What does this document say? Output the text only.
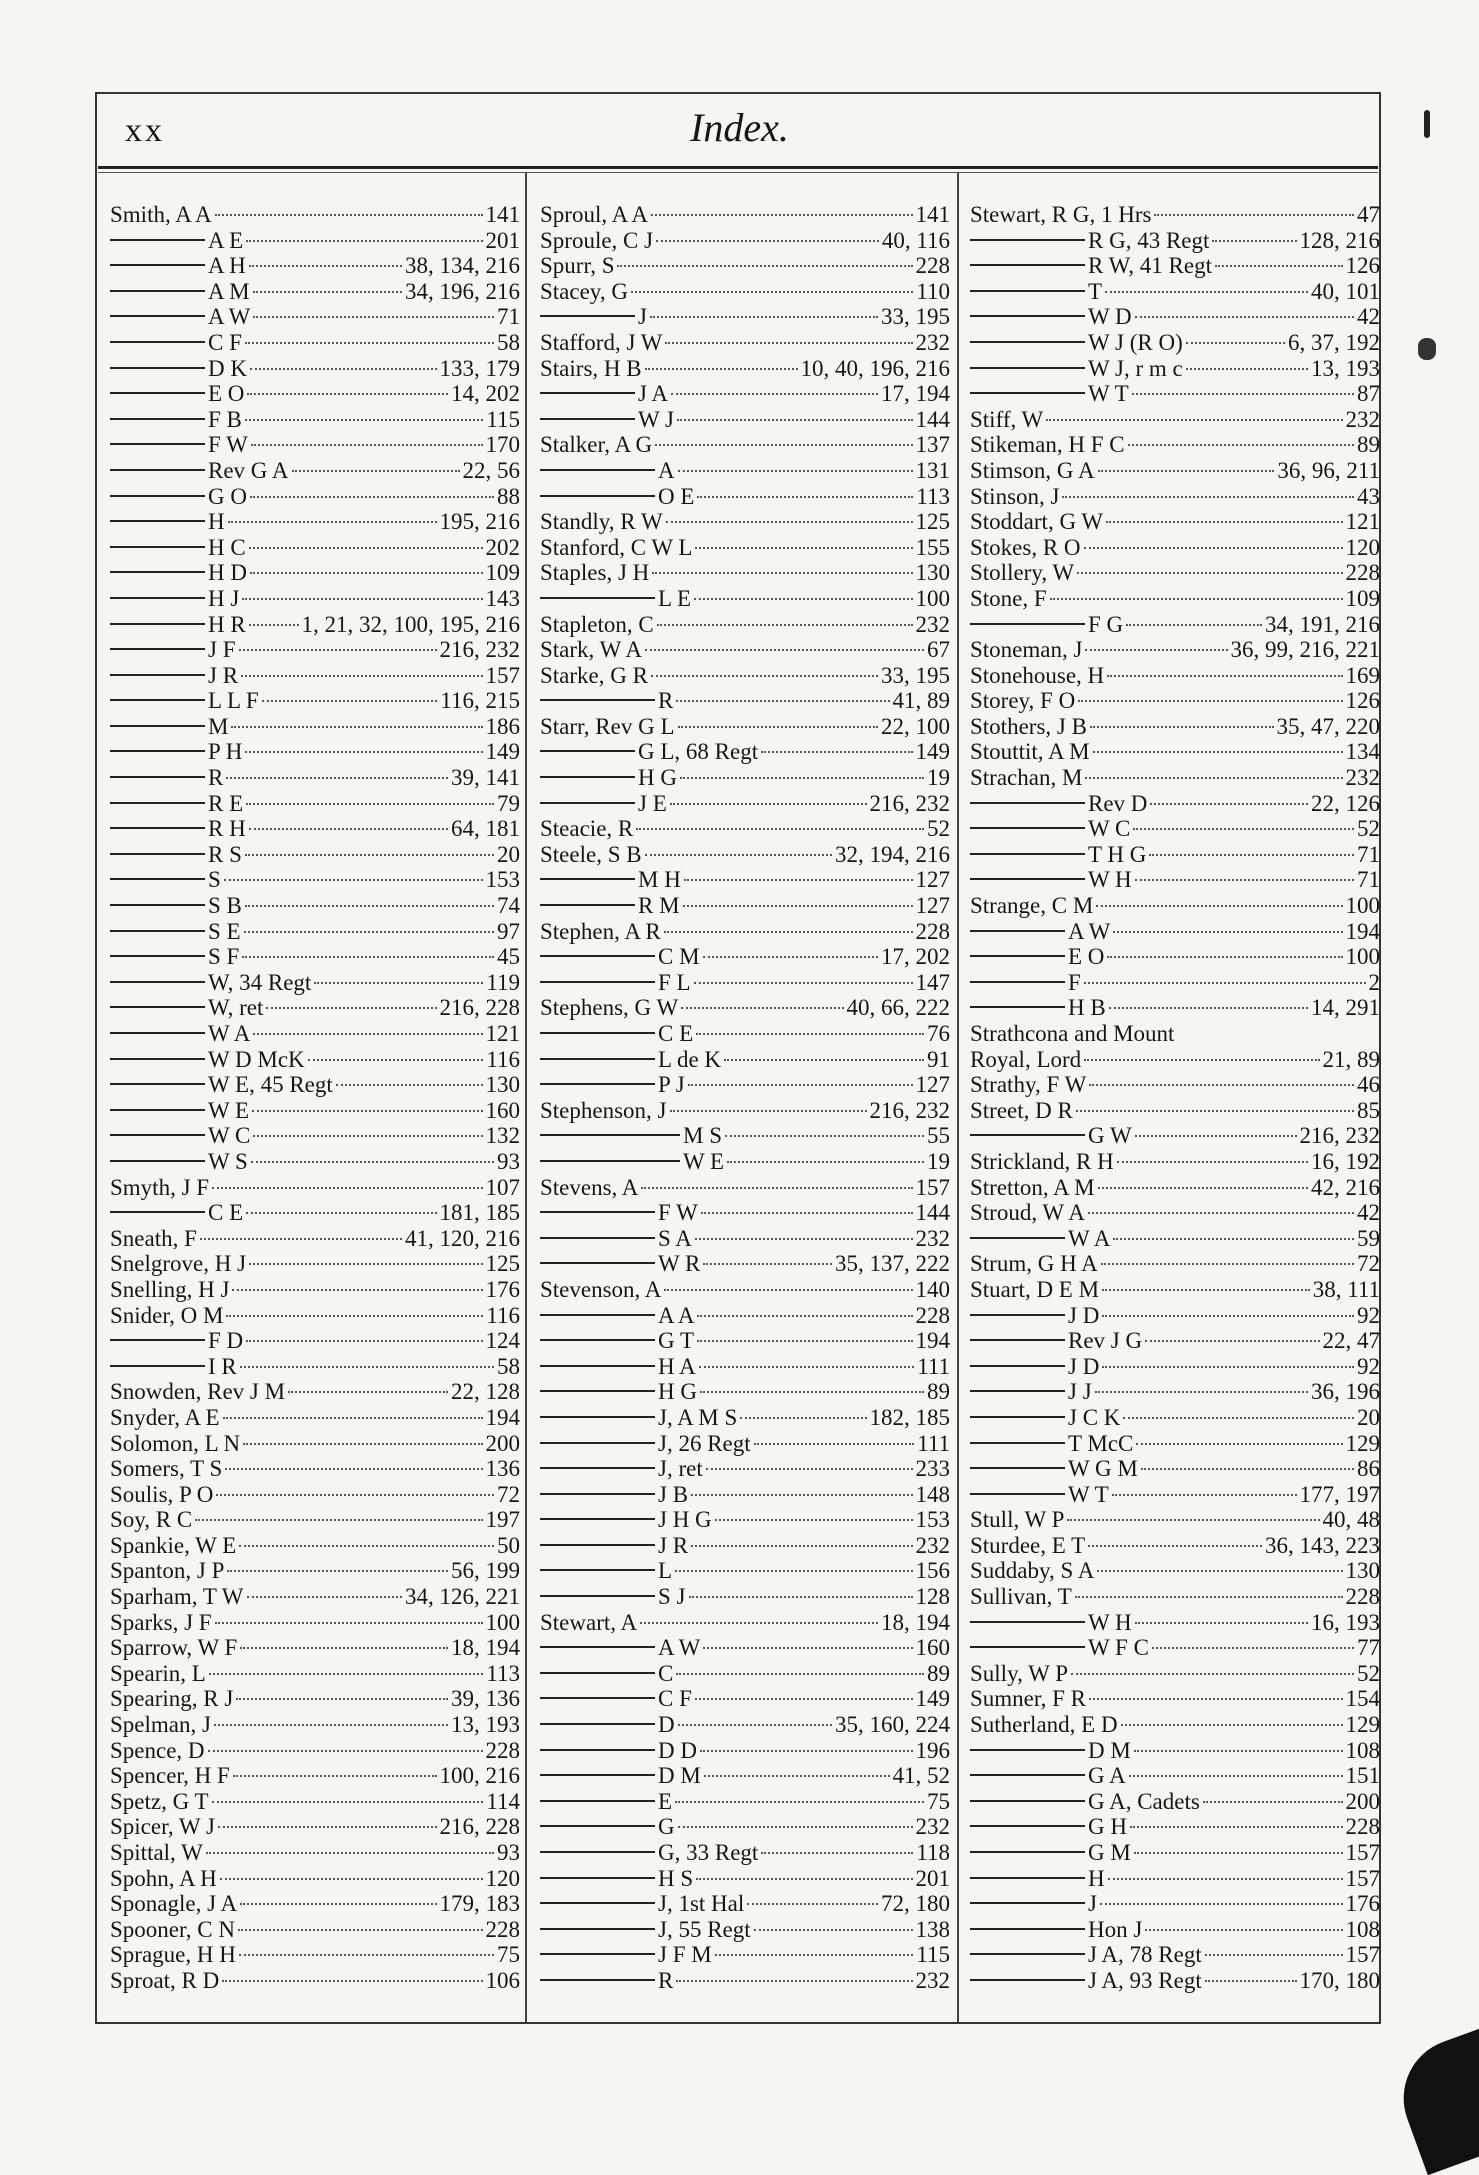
xx	Index.
Smith, A A	141
A E	201
A H	38, 134, 216
A M	34, 196, 216
A W	71
C F	58
D K	133, 179
E O	14, 202
F B	115
F W	170
Rev G A	22, 56
G O	88
H	195, 216
H C	202
H D	109
H J	143
H R 1, 21, 32, 100, 195, 216
J F	216, 232
J R	157
L L F	116, 215
M	186
P H	149
R	39, 141
R E	79
R H	64, 181
R S	20
S	153
S B	74
S E	97
S F	45
W, 34 Regt	119
W, ret	216, 228
W A	121
W D McK	116
W E, 45 Regt	130
W E	160
W C	132
W S	93
Smyth, J F	107
C E	181, 185
Sneath, F	41, 120, 216
Snelgrove, H J	125
Snelling, H J	176
Snider, O M	116
F D	124
I R	58
Snowden, Rev J M	22, 128
Snyder, A E	194
Solomon, L N	200
Somers, T S	136
Soulis, P O	72
Soy, R C	197
Spankie, W E	50
Spanton, J P	56, 199
Sparham, T W	34, 126, 221
Sparks, J F	100
Sparrow, W F	18, 194
Spearin, L	113
Spearing, R J	39, 136
Spelman, J	13, 193
Spence, D	228
Spencer, H F	100, 216
Spetz, G T	114
Spicer, W J	216, 228
Spittal, W	93
Spohn, A H	120
Sponagle, J A	179, 183
Spooner, C N	228
Sprague, H H	75
Sproat, R D	106
Sproul, A A	141
Sproule, C J	40, 116
Spurr, S	228
Stacey, G	110
J	33, 195
Stafford, J W	232
Stairs, H B	10, 40, 196, 216
J A	17, 194
W J	144
Stalker, A G	137
A	131
O E	113
Standly, R W	125
Stanford, C W L	155
Staples, J H	130
L E	100
Stapleton, C	232
Stark, W A	67
Starke, G R	33, 195
R	41, 89
Starr, Rev G L	22, 100
G L, 68 Regt	149
H G	19
J E	216, 232
Steacie, R	52
Steele, S B	32, 194, 216
M H	127
R M	127
Stephen, A R	228
C M	17, 202
F L	147
Stephens, G W	40, 66, 222
C E	76
L de K	91
P J	127
Stephenson, J	216, 232
M S	55
W E	19
Stevens, A	157
F W	144
S A	232
W R	35, 137, 222
Stevenson, A	140
A A	228
G T	194
H A	111
H G	89
J, A M S	182, 185
J, 26 Regt	111
J, ret	233
J B	148
J H G	153
J R	232
L	156
S J	128
Stewart, A	18, 194
A W	160
C	89
C F	149
D	35, 160, 224
D D	196
D M	41, 52
E	75
G	232
G, 33 Regt	118
H S	201
J, 1st Hal	72, 180
J, 55 Regt	138
J F M	115
R	232
Stewart, R G, 1 Hrs	47
R G, 43 Regt	128, 216
R W, 41 Regt	126
T	40, 101
W D	42
W J (R O)	6, 37, 192
W J, r m c	13, 193
W T	87
Stiff, W	232
Stikeman, H F C	89
Stimson, G A	36, 96, 211
Stinson, J	43
Stoddart, G W	121
Stokes, R O	120
Stollery, W	228
Stone, F	109
F G	34, 191, 216
Stoneman, J	36, 99, 216, 221
Stonehouse, H	169
Storey, F O	126
Stothers, J B	35, 47, 220
Stouttit, A M	134
Strachan, M	232
Rev D	22, 126
W C	52
T H G	71
W H	71
Strange, C M	100
A W	194
E O	100
F	2
H B	14, 291
Strathcona and Mount
Royal, Lord	21, 89
Strathy, F W	46
Street, D R	85
G W	216, 232
Strickland, R H	16, 192
Stretton, A M	42, 216
Stroud, W A	42
W A	59
Strum, G H A	72
Stuart, D E M	38, 111
J D	92
Rev J G	22, 47
J D	92
J J	36, 196
J C K	20
T McC	129
W G M	86
W T	177, 197
Stull, W P	40, 48
Sturdee, E T	36, 143, 223
Suddaby, S A	130
Sullivan, T	228
W H	16, 193
W F C	77
Sully, W P	52
Sumner, F R	154
Sutherland, E D	129
D M	108
G A	151
G A, Cadets	200
G H	228
G M	157
H	157
J	176
Hon J	108
J A, 78 Regt	157
J A, 93 Regt	170, 180
